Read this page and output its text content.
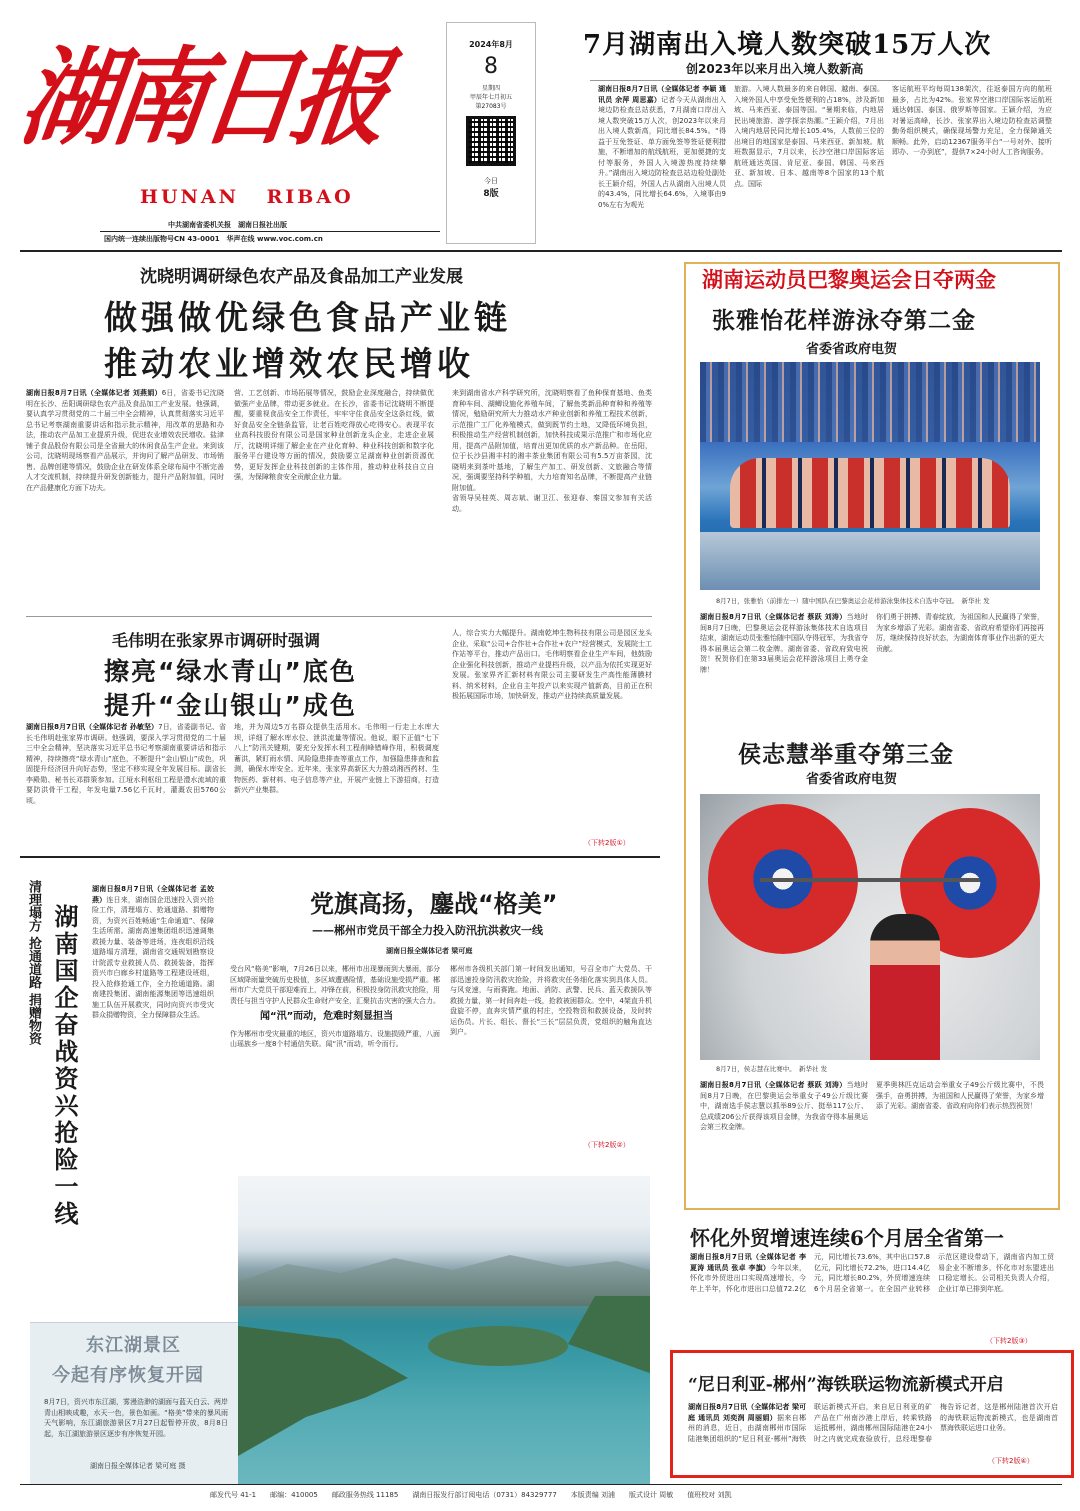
湖南日报
HUNAN RIBAO
中共湖南省委机关报　湖南日报社出版
国内统一连续出版物号CN 43-0001　华声在线 www.voc.com.cn
2024年8月
8
星期四
甲辰年七月初五
第27083号
今日
8版
7月湖南出入境人数突破15万人次
创2023年以来月出入境人数新高
湖南日报8月7日讯（全媒体记者 李颖 通讯员 余萍 周思嘉）记者今天从湖南出入境边防检查总站获悉，7月湖南口岸出入境人数突破15万人次，创2023年以来月出入境人数新高，同比增长84.5%。“得益于互免签证、单方面免签等签证便利措施，不断增加的航线航班，更加便捷的支付等服务，外国人入境游热度持续攀升。”湖南出入境边防检查总站边检处副处长王颖介绍，外国人占从湖南入出境人员的43.4%，同比增长64.6%，入境事由90%左右为观光
旅游。入境人数最多的来自韩国、越南、泰国。入境外国人中享受免签便利的占18%，涉及新加坡、马来西亚、泰国等国。“暑期来临，内地居民出境旅游、游学探亲热潮。”王颖介绍，7月出入境内地居民同比增长105.4%，人数前三位的出境目的地国家是泰国、马来西亚、新加坡。航班数据显示，7月以来，长沙空港口岸国际客运航班通达英国、肯尼亚、泰国、韩国、马来西亚、新加坡、日本、越南等8个国家的13个航点。国际
客运航班平均每周138架次，往返泰国方向的航班最多，占比为42%。张家界空港口岸国际客运航班通达韩国、泰国、俄罗斯等国家。王颖介绍，为应对暑运高峰，长沙、张家界出入境边防检查站调整勤务组织模式，确保现场警力充足，全力保障通关顺畅。此外，启动12367服务平台“一号对外、接听即办、一办到底”，提供7×24小时人工咨询服务。
沈晓明调研绿色农产品及食品加工产业发展
做强做优绿色食品产业链
推动农业增效农民增收
湖南日报8月7日讯（全媒体记者 刘燕娟）6日，省委书记沈晓明在长沙、岳阳调研绿色农产品及食品加工产业发展。他强调，要认真学习贯彻党的二十届三中全会精神，认真贯彻落实习近平总书记考察湖南重要讲话和指示批示精神，用改革的思路和办法，推动农产品加工业提质升级，促进农业增效农民增收。盐津铺子食品股份有限公司是全省最大的休闲食品生产企业。来到该公司，沈晓明现场察看产品展示，并询问了解产品研发、市场销售、品牌创建等情况，鼓励企业在研发体系全球布局中不断完善人才交流机制，持续提升研发创新能力，提升产品附加值，同时在产品健康化方面下功夫。
营、工艺创新、市场拓展等情况，鼓励企业深度融合，持续做优做强产业品牌，带动更多就业。在长沙，省委书记沈晓明不断提醒，要重视食品安全工作责任，牢牢守住食品安全这条红线，做好食品安全全链条监管，让老百姓吃得放心吃得安心。表现平农业高科技股份有限公司是国家种业创新龙头企业，走进企业展厅，沈晓明详细了解企业在产业化育种、种业科技创新和数字化服务平台建设等方面的情况，鼓励要立足湖南种业创新资源优势，更好发挥企业科技创新的主体作用，推动种业科技自立自强，为保障粮食安全贡献企业力量。
来到湖南省水产科学研究所，沈晓明察看了鱼种保育基地、鱼类育种车间、湖鲫设施化养殖车间，了解鱼类新品种育种和养殖等情况，勉励研究所大力推动水产种业创新和养殖工程技术创新，示范推广工厂化养殖模式，做到既节约土地，又降低环境负担，积极推动生产经营机制创新，加快科技成果示范推广和市场化应用，提高产品附加值，培育出更加优质的水产新品种。在岳阳，位于长沙县湘丰村的湘丰茶业集团有限公司有5.5万亩茶园，沈晓明来到茶叶基地，了解生产加工、研发创新、文旅融合等情况，强调要坚持科学种植，大力培育知名品牌，不断提高产业链附加值。
省领导吴桂英、周志斌、谢卫江、张迎春、秦国文参加有关活动。
毛伟明在张家界市调研时强调
擦亮“绿水青山”底色
提升“金山银山”成色
湖南日报8月7日讯（全媒体记者 孙敏坚）7日，省委副书记、省长毛伟明赴张家界市调研。他强调，要深入学习贯彻党的二十届三中全会精神，坚决落实习近平总书记考察湖南重要讲话和指示精神，持续擦亮“绿水青山”底色，不断提升“金山银山”成色，巩固提升经济回升向好态势，坚定不移实现全年发展目标。副省长李殿勋、秘书长邓群策参加。江垭水利枢纽工程是澧水流域的重要防洪骨干工程，年发电量7.56亿千瓦时，灌溉农田5760公顷。
地，并为周边5万名群众提供生活用水。毛伟明一行走上水库大坝，详细了解水库水位、泄洪流量等情况。他说，眼下正值“七下八上”防汛关键期，要充分发挥水利工程削峰错峰作用，积极调度蓄洪，紧盯雨水情、风险隐患排查等重点工作，加强隐患排查和监测，确保水库安全。近年来，张家界高新区大力推动湘西药材、生物医药、新材料、电子信息等产业，开展产业链上下游招商，打造新兴产业集群。
人，综合实力大幅提升。湖南乾坤生物科技有限公司是园区龙头企业，采取“公司+合作社+合作社+农户”经营模式，发展院士工作站等平台，推动产品出口。毛伟明察看企业生产车间，他鼓励企业强化科技创新，推动产业提档升级，以产品为依托实现更好发展。张家界齐汇新材料有限公司主要研发生产高性能薄膜材料、纳米材料，企业自主年投产以来实现产值新高，目前正在积极拓展国际市场，加快研发，推动产业持续高质量发展。
（下转2版①）
清理塌方 抢通道路 捐赠物资 湖南国企奋战资兴抢险一线
湖南日报8月7日讯（全媒体记者 孟姣燕）连日来，湖南国企迅速投入资兴抢险工作，清理塌方、抢通道路、捐赠物资，为资兴百姓畅通“生命通道”、保障生活所需。湖南高速集团组织迅速调集救援力量、装备等进场，连夜组织沿线道路塌方清理，湖南省交通规划勘察设计院派专业救援人员、救援装备，指挥资兴市白廊乡村道路等工程建设班组，投入抢修抢通工作，全力抢通道路。湖南建投集团、湖南能源集团等迅速组织施工队伍开展救灾，同时向资兴市受灾群众捐赠物资，全力保障群众生活。
东江湖景区
今起有序恢复开园
8月7日，资兴市东江湖，雾漫浩渺的湖面与蓝天白云、两岸青山相映成趣，水天一色，景色如画。“格美”带来的暴风雨天气影响，东江湖旅游景区7月27日起暂停开放，8月8日起，东江湖旅游景区逐步有序恢复开园。
湖南日报全媒体记者 梁可庭 摄
党旗高扬，鏖战“格美”
——郴州市党员干部全力投入防汛抗洪救灾一线
湖南日报全媒体记者 梁可庭
受台风“格美”影响，7月26日以来，郴州市出现暴雨到大暴雨，部分区域降雨量突破历史极值，多区域遭遇险情，基础设施受损严重。郴州市广大党员干部迎难而上，冲锋在前，积极投身防汛救灾抢险，用责任与担当守护人民群众生命财产安全，汇聚抗击灾害的强大合力。
闻“汛”而动，危难时刻显担当
作为郴州市受灾最重的地区，资兴市道路塌方、设施损毁严重，八面山瑶族乡一度8个村通信失联。闻“汛”而动，听令而行。
郴州市各级机关部门第一时间发出通知，号召全市广大党员、干部迅速投身防汛救灾抢险，并将救灾任务细化落实到具体人员。与风竞速，与雨赛跑。地面、消防、武警、民兵、蓝天救援队等救援力量，第一时间奔赴一线，抢救被困群众。空中，4架直升机盘旋不停，直奔灾情严重的村庄，空投物资和救援设备，及时转运伤员。片长、组长、督长“三长”层层负责，党组织的触角直达到户。
（下转2版②）
湖南运动员巴黎奥运会日夺两金
张雅怡花样游泳夺第二金
省委省政府电贺
8月7日，张雅怡（前排左一）随中国队在巴黎奥运会花样游泳集体技术自选中夺冠。　新华社 发
湖南日报8月7日讯（全媒体记者 蔡跃 刘涛）当地时间8月7日晚，巴黎奥运会花样游泳集体技术自选项目结束，湖南运动员张雅怡随中国队夺得冠军，为我省夺得本届奥运会第二枚金牌。湖南省委、省政府致电祝贺！祝贺你们在第33届奥运会花样游泳项目上勇夺金牌！
你们勇于拼搏、青春绽放，为祖国和人民赢得了荣誉，为家乡增添了光彩。湖南省委、省政府希望你们再接再厉，继续保持良好状态，为湖南体育事业作出新的更大贡献。
侯志慧举重夺第三金
省委省政府电贺
8月7日，侯志慧在比赛中。　新华社 发
湖南日报8月7日讯（全媒体记者 蔡跃 刘涛）当地时间8月7日晚，在巴黎奥运会举重女子49公斤级比赛中，湖南选手侯志慧以抓举89公斤、挺举117公斤、总成绩206公斤获得该项目金牌，为我省夺得本届奥运会第三枚金牌。
夏季奥林匹克运动会举重女子49公斤级比赛中，不畏强手，奋勇拼搏，为祖国和人民赢得了荣誉，为家乡增添了光彩。湖南省委、省政府向你们表示热烈祝贺！
怀化外贸增速连续6个月居全省第一
湖南日报8月7日讯（全媒体记者 李夏涛 通讯员 张卓 李旗）今年以来，怀化市外贸进出口实现高速增长，今年上半年，怀化市进出口总值72.2亿元，同比增长73.6%，其中出口57.8亿元，同比增长72.2%，进口14.4亿元，同比增长80.2%，外贸增速连续6个月居全省第一。在全国产业转移示范区建设带动下，湖南省内加工贸易企业不断增多，怀化市对东盟进出口稳定增长。公司相关负责人介绍，企业订单已排到年底。
（下转2版③）
“尼日利亚-郴州”海铁联运物流新模式开启
湖南日报8月7日讯（全媒体记者 梁可庭 通讯员 刘奕润 周丽娟）据来自郴州的消息，近日，由湖南郴州市国际陆港集团组织的“尼日利亚-郴州”海铁联运新模式开启，来自尼日利亚的矿产品在广州南沙港上岸后，转乘铁路运抵郴州，湖南郴州国际陆港在24小时之内就完成查验放行，总经理黎春梅告诉记者，这是郴州陆港首次开启的海铁联运物流新模式，也是湖南首票海铁联运进口业务。
（下转2版④）
邮发代号 41-1　　邮编：410005　　邮政服务热线 11185　　湖南日报发行部订阅电话（0731）84329777　　本版责编 刘浦　　版式设计 周敏　　值班校对 刘凯
